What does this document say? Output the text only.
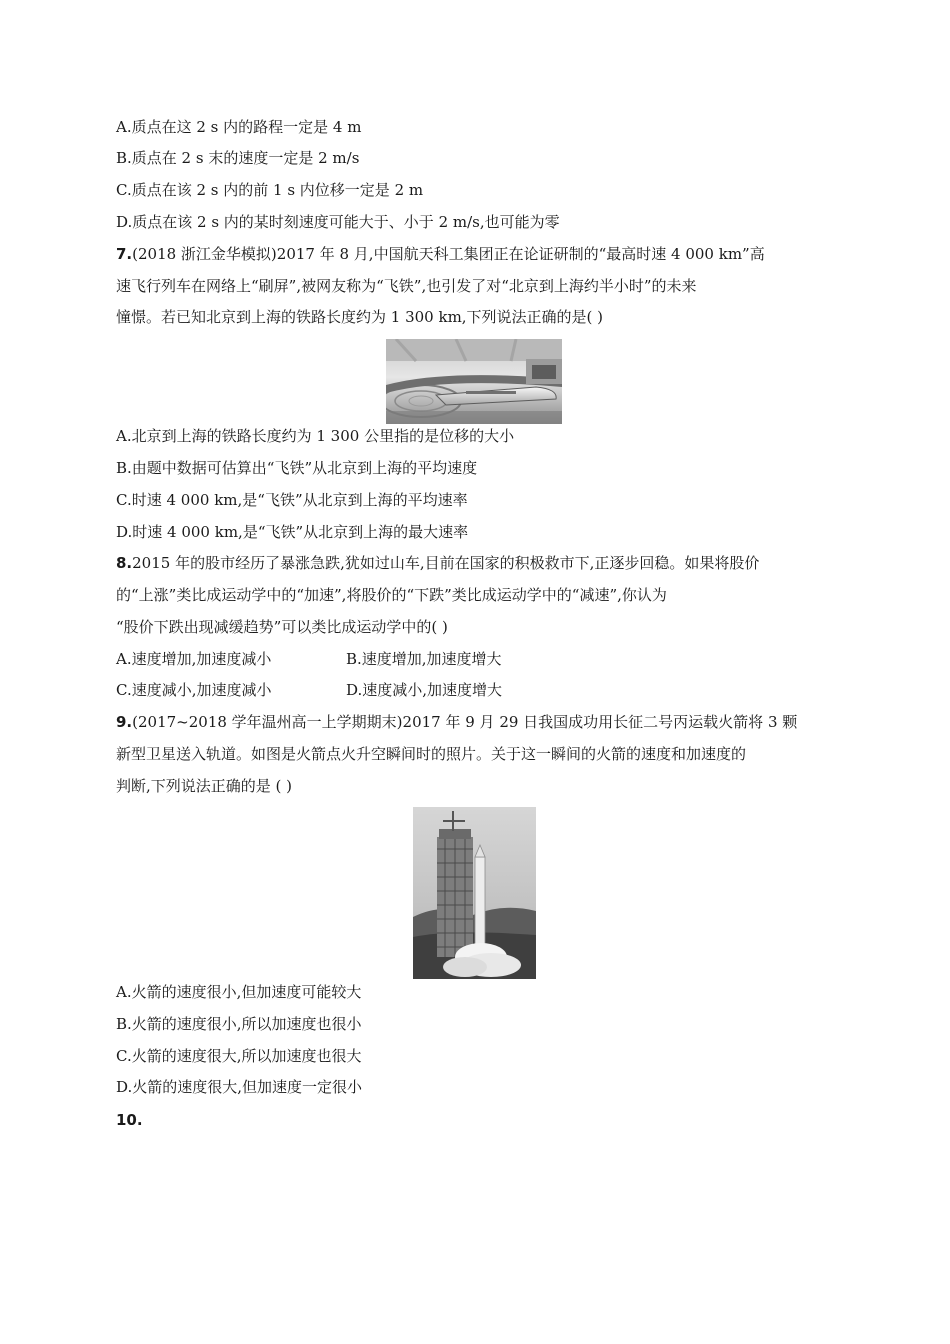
A.质点在这 2 s 内的路程一定是 4 m
B.质点在 2 s 末的速度一定是 2 m/s
C.质点在该 2 s 内的前 1 s 内位移一定是 2 m
D.质点在该 2 s 内的某时刻速度可能大于、小于 2 m/s,也可能为零
7.(2018 浙江金华模拟)2017 年 8 月,中国航天科工集团正在论证研制的“最高时速 4 000 km”高
速飞行列车在网络上“刷屏”,被网友称为“飞铁”,也引发了对“北京到上海约半小时”的未来
憧憬。若已知北京到上海的铁路长度约为 1 300 km,下列说法正确的是( )
A.北京到上海的铁路长度约为 1 300 公里指的是位移的大小
B.由题中数据可估算出“飞铁”从北京到上海的平均速度
C.时速 4 000 km,是“飞铁”从北京到上海的平均速率
D.时速 4 000 km,是“飞铁”从北京到上海的最大速率
8.2015 年的股市经历了暴涨急跌,犹如过山车,目前在国家的积极救市下,正逐步回稳。如果将股价
的“上涨”类比成运动学中的“加速”,将股价的“下跌”类比成运动学中的“减速”,你认为
“股价下跌出现减缓趋势”可以类比成运动学中的( )
A.速度增加,加速度减小	B.速度增加,加速度增大
C.速度减小,加速度减小	D.速度减小,加速度增大
9.(2017~2018 学年温州高一上学期期末)2017 年 9 月 29 日我国成功用长征二号丙运载火箭将 3 颗
新型卫星送入轨道。如图是火箭点火升空瞬间时的照片。关于这一瞬间的火箭的速度和加速度的
判断,下列说法正确的是 ( )
A.火箭的速度很小,但加速度可能较大
B.火箭的速度很小,所以加速度也很小
C.火箭的速度很大,所以加速度也很大
D.火箭的速度很大,但加速度一定很小
10.
